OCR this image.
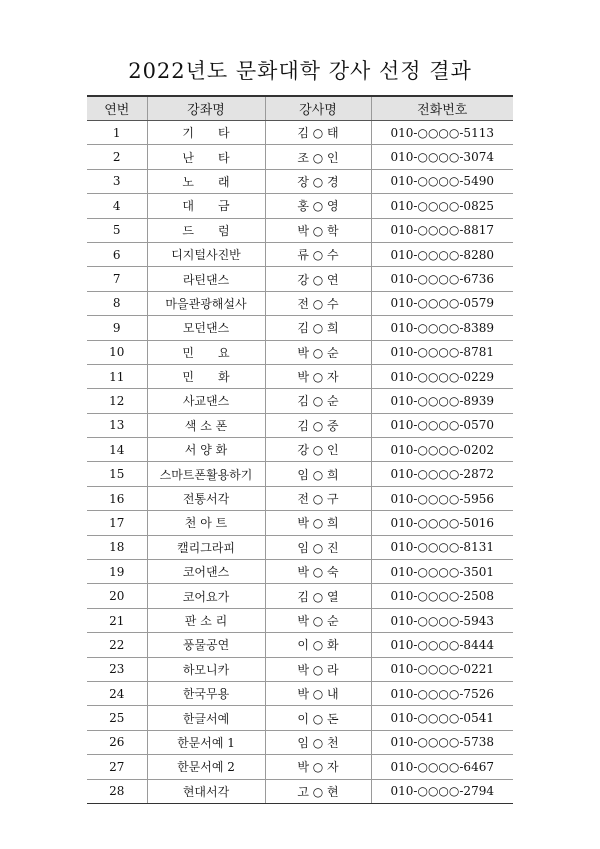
2022년도 문화대학 강사 선정 결과
연번	강좌명	강사명	전화번호
1	기　　타	김 ○ 태	010-○○○○-5113
2	난　　타	조 ○ 인	010-○○○○-3074
3	노　　래	장 ○ 경	010-○○○○-5490
4	대　　금	홍 ○ 영	010-○○○○-0825
5	드　　럼	박 ○ 학	010-○○○○-8817
6	디지털사진반	류 ○ 수	010-○○○○-8280
7	라틴댄스	강 ○ 연	010-○○○○-6736
8	마을관광해설사	전 ○ 수	010-○○○○-0579
9	모던댄스	김 ○ 희	010-○○○○-8389
10	민　　요	박 ○ 순	010-○○○○-8781
11	민　　화	박 ○ 자	010-○○○○-0229
12	사교댄스	김 ○ 순	010-○○○○-8939
13	색 소 폰	김 ○ 중	010-○○○○-0570
14	서 양 화	강 ○ 인	010-○○○○-0202
15	스마트폰활용하기	임 ○ 희	010-○○○○-2872
16	전통서각	전 ○ 구	010-○○○○-5956
17	천 아 트	박 ○ 희	010-○○○○-5016
18	캘리그라피	임 ○ 진	010-○○○○-8131
19	코어댄스	박 ○ 숙	010-○○○○-3501
20	코어요가	김 ○ 열	010-○○○○-2508
21	판 소 리	박 ○ 순	010-○○○○-5943
22	풍물공연	이 ○ 화	010-○○○○-8444
23	하모니카	박 ○ 라	010-○○○○-0221
24	한국무용	박 ○ 내	010-○○○○-7526
25	한글서예	이 ○ 돈	010-○○○○-0541
26	한문서예 1	임 ○ 천	010-○○○○-5738
27	한문서예 2	박 ○ 자	010-○○○○-6467
28	현대서각	고 ○ 현	010-○○○○-2794
